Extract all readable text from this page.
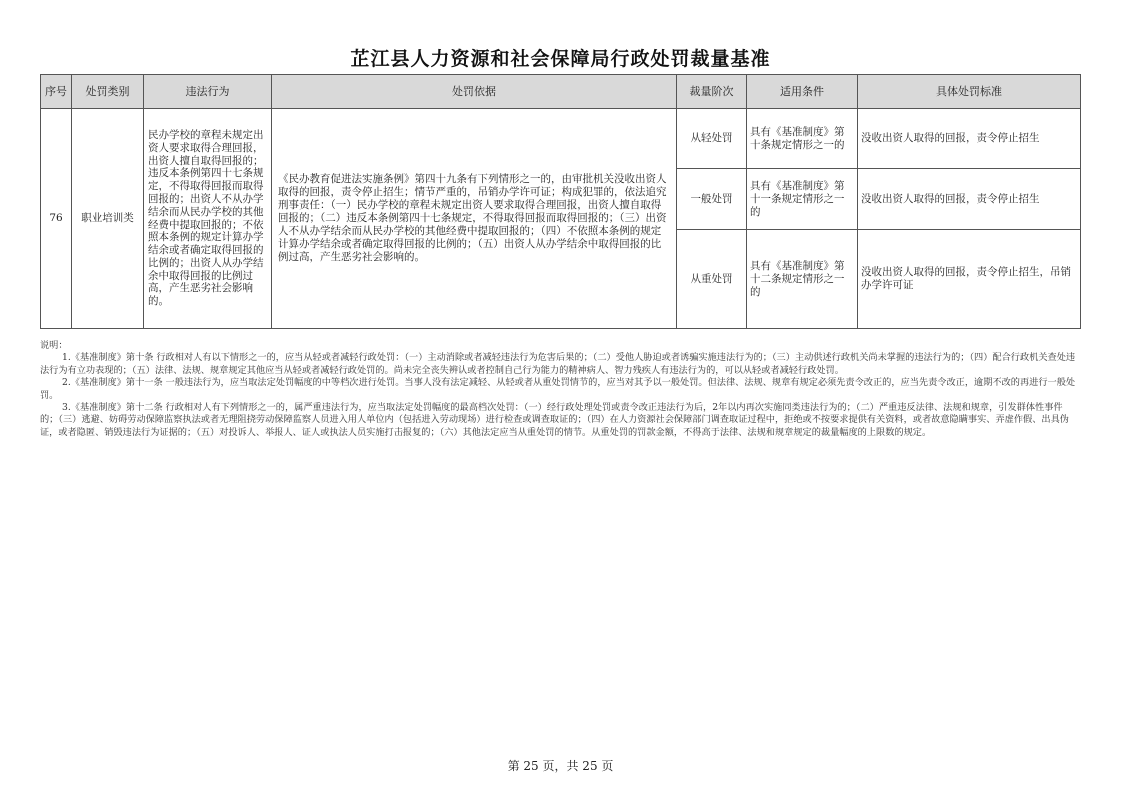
芷江县人力资源和社会保障局行政处罚裁量基准
序号	处罚类别	违法行为	处罚依据	裁量阶次	适用条件	具体处罚标准
76	职业培训类	民办学校的章程未规定出资人要求取得合理回报，出资人擅自取得回报的；违反本条例第四十七条规定，不得取得回报而取得回报的；出资人不从办学结余而从民办学校的其他经费中提取回报的；不依照本条例的规定计算办学结余或者确定取得回报的比例的；出资人从办学结余中取得回报的比例过高，产生恶劣社会影响的。	《民办教育促进法实施条例》第四十九条有下列情形之一的，由审批机关没收出资人取得的回报，责令停止招生；情节严重的，吊销办学许可证；构成犯罪的，依法追究刑事责任：（一）民办学校的章程未规定出资人要求取得合理回报，出资人擅自取得回报的；（二）违反本条例第四十七条规定，不得取得回报而取得回报的；（三）出资人不从办学结余而从民办学校的其他经费中提取回报的；（四）不依照本条例的规定计算办学结余或者确定取得回报的比例的；（五）出资人从办学结余中取得回报的比例过高，产生恶劣社会影响的。	从轻处罚	具有《基准制度》第十条规定情形之一的	没收出资人取得的回报，责令停止招生
				一般处罚	具有《基准制度》第十一条规定情形之一的	没收出资人取得的回报，责令停止招生
				从重处罚	具有《基准制度》第十二条规定情形之一的	没收出资人取得的回报，责令停止招生，吊销办学许可证

说明：

1.《基准制度》第十条 行政相对人有以下情形之一的，应当从轻或者减轻行政处罚：（一）主动消除或者减轻违法行为危害后果的；（二）受他人胁迫或者诱骗实施违法行为的；（三）主动供述行政机关尚未掌握的违法行为的；（四）配合行政机关查处违法行为有立功表现的；（五）法律、法规、规章规定其他应当从轻或者减轻行政处罚的。尚未完全丧失辨认或者控制自己行为能力的精神病人、智力残疾人有违法行为的，可以从轻或者减轻行政处罚。

2.《基准制度》第十一条 一般违法行为，应当取法定处罚幅度的中等档次进行处罚。当事人没有法定减轻、从轻或者从重处罚情节的，应当对其予以一般处罚。但法律、法规、规章有规定必须先责令改正的，应当先责令改正，逾期不改的再进行一般处罚。

3.《基准制度》第十二条 行政相对人有下列情形之一的，属严重违法行为，应当取法定处罚幅度的最高档次处罚：（一）经行政处理处罚或责令改正违法行为后，2年以内再次实施同类违法行为的；（二）严重违反法律、法规和规章，引发群体性事件的；（三）逃避、妨碍劳动保障监察执法或者无理阻挠劳动保障监察人员进入用人单位内（包括进入劳动现场）进行检查或调查取证的；（四）在人力资源社会保障部门调查取证过程中，拒绝或不按要求提供有关资料，或者故意隐瞒事实、弄虚作假、出具伪证，或者隐匿、销毁违法行为证据的；（五）对投诉人、举报人、证人或执法人员实施打击报复的；（六）其他法定应当从重处罚的情节。从重处罚的罚款金额，不得高于法律、法规和规章规定的裁量幅度的上限数的规定。

第 25 页，共 25 页
